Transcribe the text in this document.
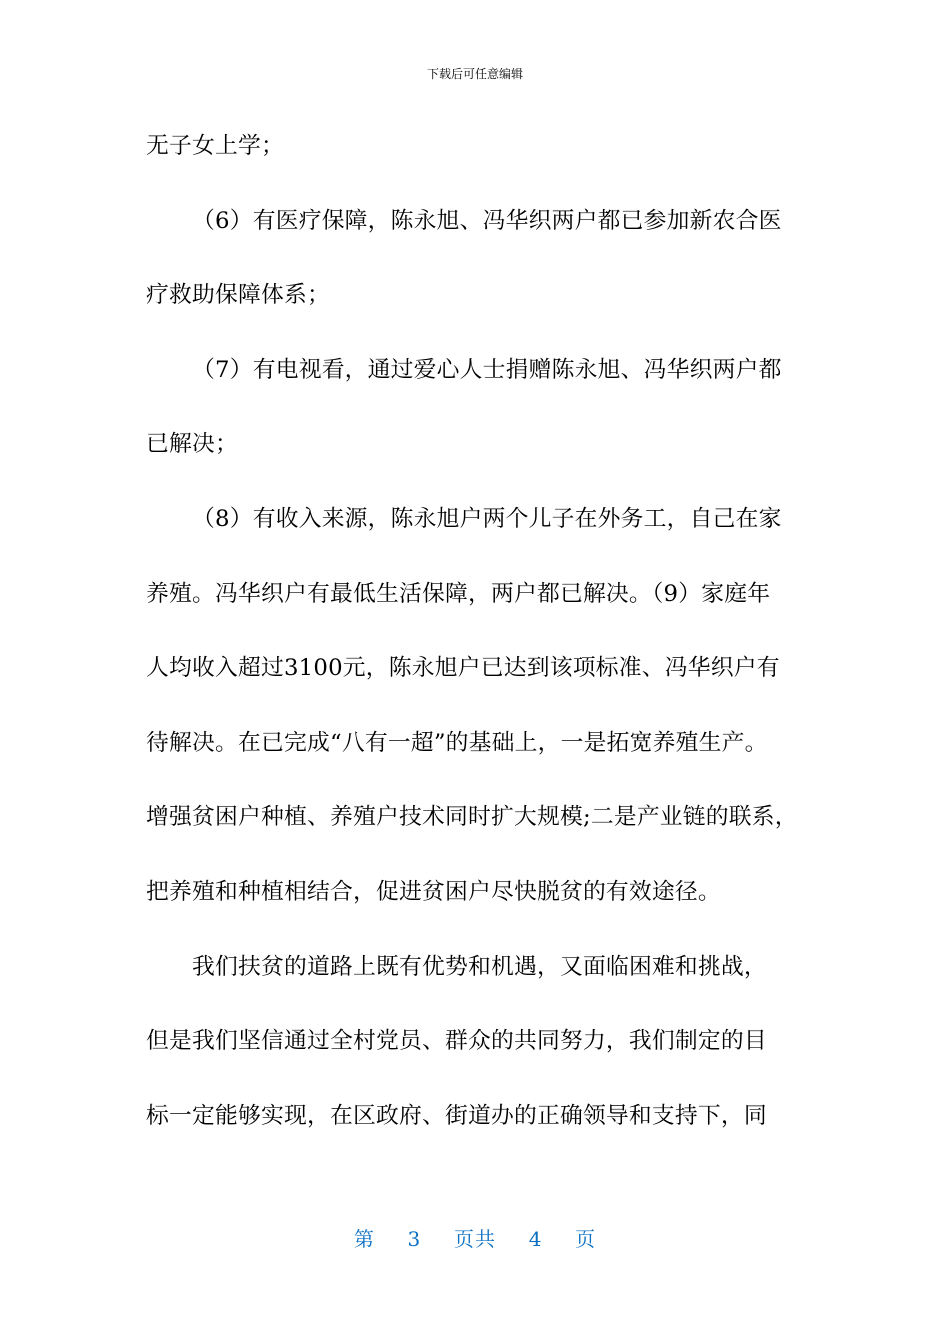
下载后可任意编辑
无子女上学；
（6）有医疗保障，陈永旭、冯华织两户都已参加新农合医
疗救助保障体系；
（7）有电视看，通过爱心人士捐赠陈永旭、冯华织两户都
已解决；
（8）有收入来源，陈永旭户两个儿子在外务工，自己在家
养殖。冯华织户有最低生活保障，两户都已解决。（9）家庭年
人均收入超过3100元，陈永旭户已达到该项标准、冯华织户有
待解决。在已完成“八有一超”的基础上，一是拓宽养殖生产。
增强贫困户种植、养殖户技术同时扩大规模;二是产业链的联系，
把养殖和种植相结合，促进贫困户尽快脱贫的有效途径。
我们扶贫的道路上既有优势和机遇，又面临困难和挑战，
但是我们坚信通过全村党员、群众的共同努力，我们制定的目
标一定能够实现，在区政府、街道办的正确领导和支持下，同
第 3 页共 4 页
